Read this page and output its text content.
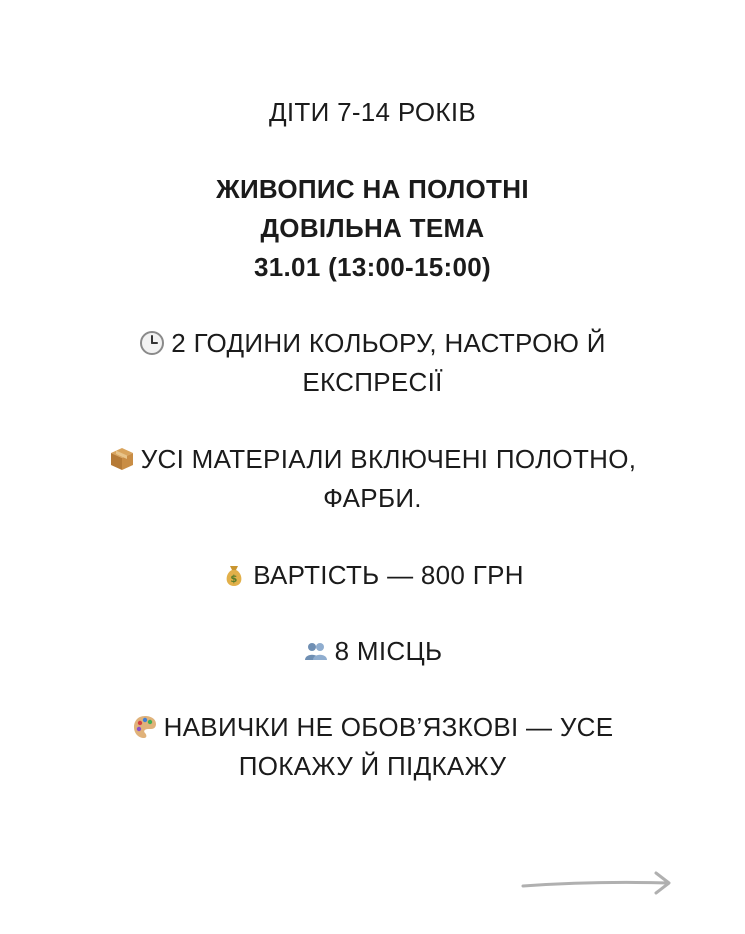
ДІТИ 7-14 РОКІВ
ЖИВОПИС НА ПОЛОТНІ
ДОВІЛЬНА ТЕМА
31.01 (13:00-15:00)
2 ГОДИНИ КОЛЬОРУ, НАСТРОЮ Й
ЕКСПРЕСІЇ
УСІ МАТЕРІАЛИ ВКЛЮЧЕНІ ПОЛОТНО,
ФАРБИ.
$ ВАРТІСТЬ — 800 ГРН
8 МІСЦЬ
НАВИЧКИ НЕ ОБОВ’ЯЗКОВІ — УСЕ
ПОКАЖУ Й ПІДКАЖУ
